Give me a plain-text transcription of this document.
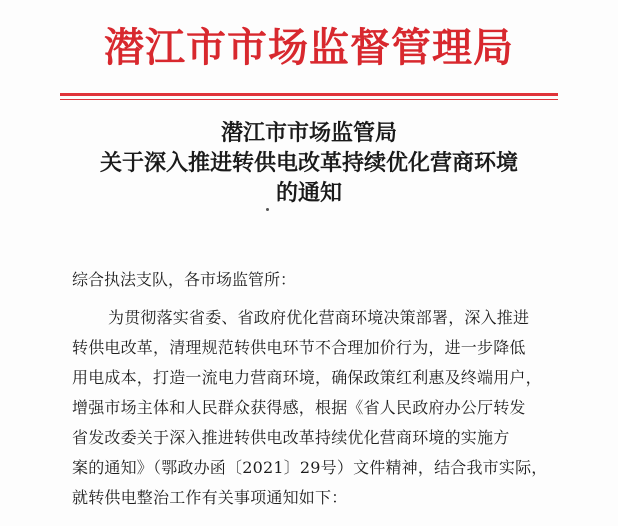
潜江市市场监督管理局
潜江市市场监管局
关于深入推进转供电改革持续优化营商环境
的通知
综合执法支队，各市场监管所：
为贯彻落实省委、省政府优化营商环境决策部署，深入推进
转供电改革，清理规范转供电环节不合理加价行为，进一步降低
用电成本，打造一流电力营商环境，确保政策红利惠及终端用户，
增强市场主体和人民群众获得感，根据《省人民政府办公厅转发
省发改委关于深入推进转供电改革持续优化营商环境的实施方
案的通知》（鄂政办函〔2021〕29号）文件精神，结合我市实际，
就转供电整治工作有关事项通知如下：
